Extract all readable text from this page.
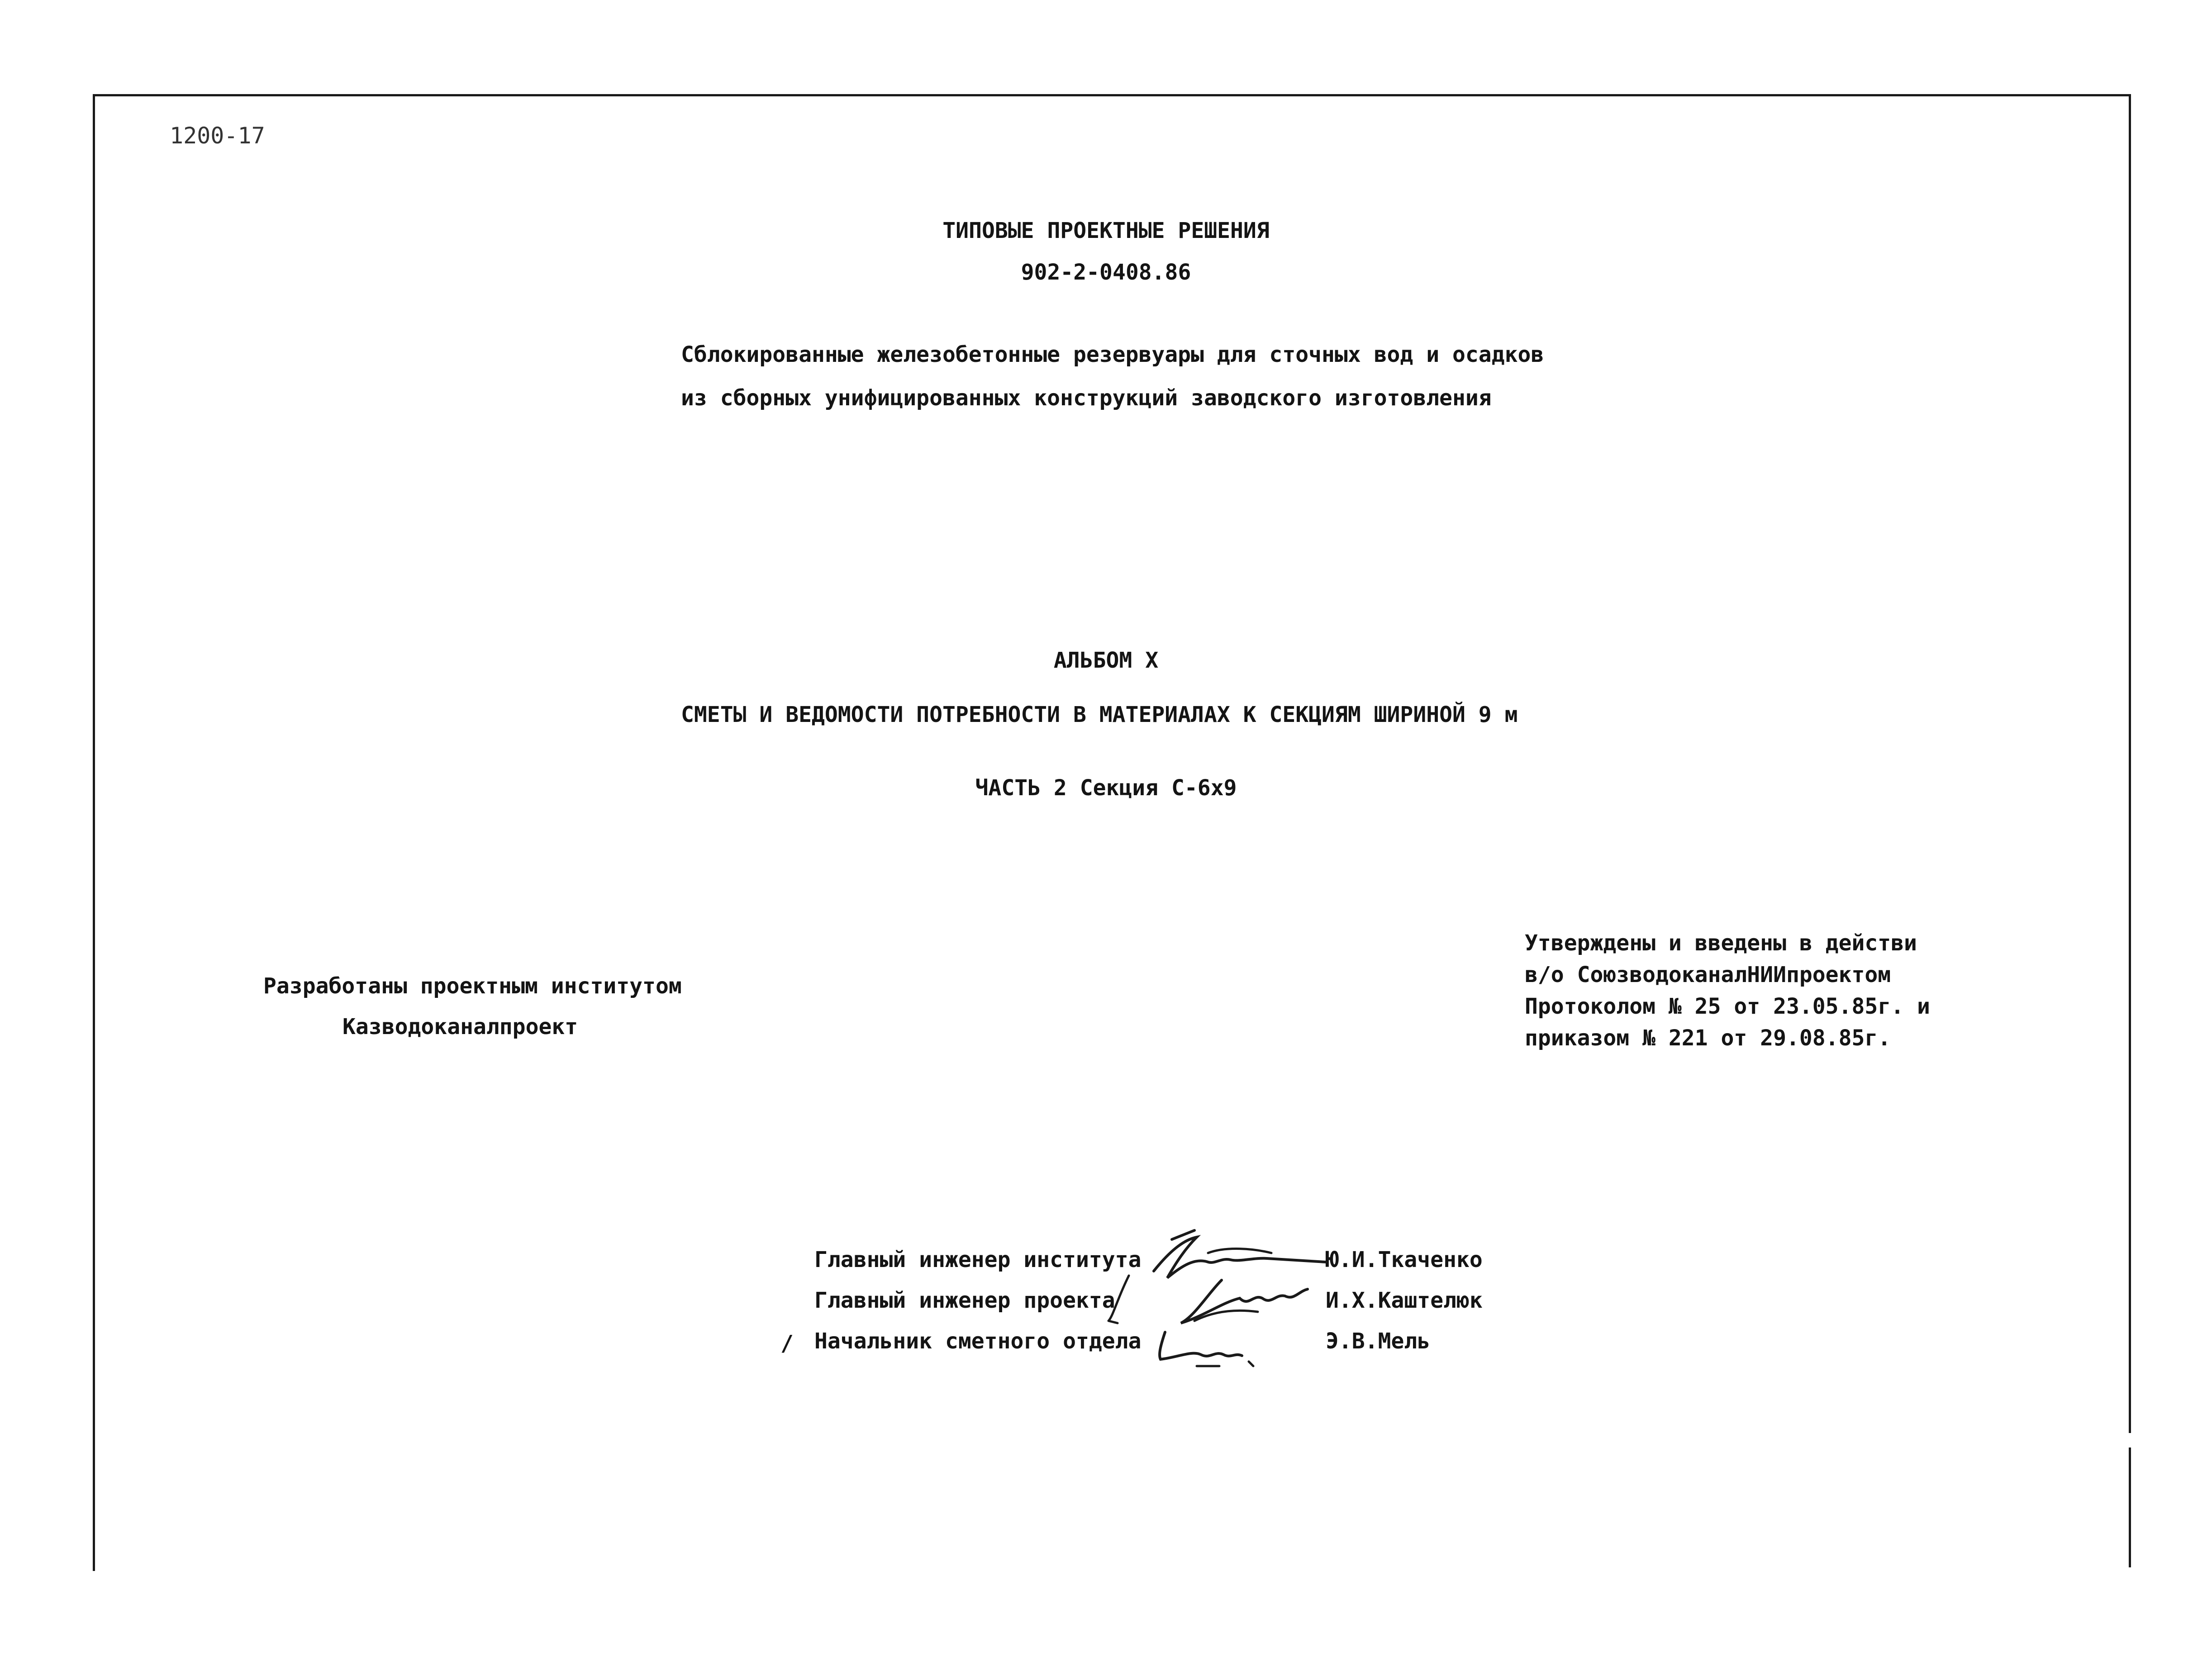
1200-17
ТИПОВЫЕ ПРОЕКТНЫЕ РЕШЕНИЯ
902-2-0408.86
Сблокированные железобетонные резервуары для сточных вод и осадков
из сборных унифицированных конструкций заводского изготовления
АЛЬБОМ X
СМЕТЫ И ВЕДОМОСТИ ПОТРЕБНОСТИ В МАТЕРИАЛАХ К СЕКЦИЯМ ШИРИНОЙ 9 м
ЧАСТЬ 2 Секция С-6х9
Разработаны проектным институтом
Казводоканалпроект
Утверждены и введены в действи
в/о СоюзводоканалНИИпроектом
Протоколом № 25 от 23.05.85г. и
приказом № 221 от 29.08.85г.
/
Главный инженер института	Ю.И.Ткаченко
Главный инженер проекта	И.Х.Каштелюк
Начальник сметного отдела	Э.В.Мель
